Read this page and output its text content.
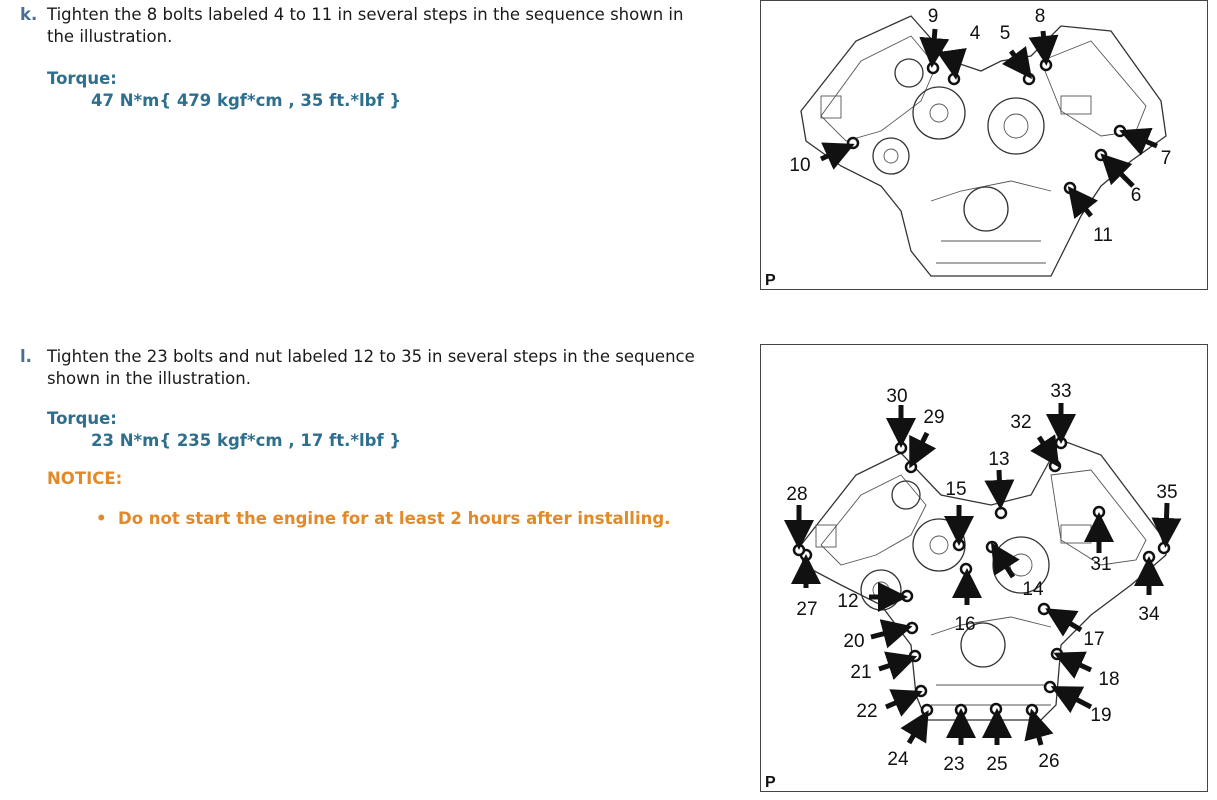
k. Tighten the 8 bolts labeled 4 to 11 in several steps in the sequence shown in
the illustration.
Torque:
47 N*m{ 479 kgf*cm , 35 ft.*lbf }
l. Tighten the 23 bolts and nut labeled 12 to 35 in several steps in the sequence
shown in the illustration.
Torque:
23 N*m{ 235 kgf*cm , 17 ft.*lbf }
NOTICE:
• Do not start the engine for at least 2 hours after installing.
9
4 5
8
7
6
10
11
P
12
13
14
15
16
17
18
19
20
21
22
23
24	25 26
27
28
29
30
31
32
33
34
35
P
